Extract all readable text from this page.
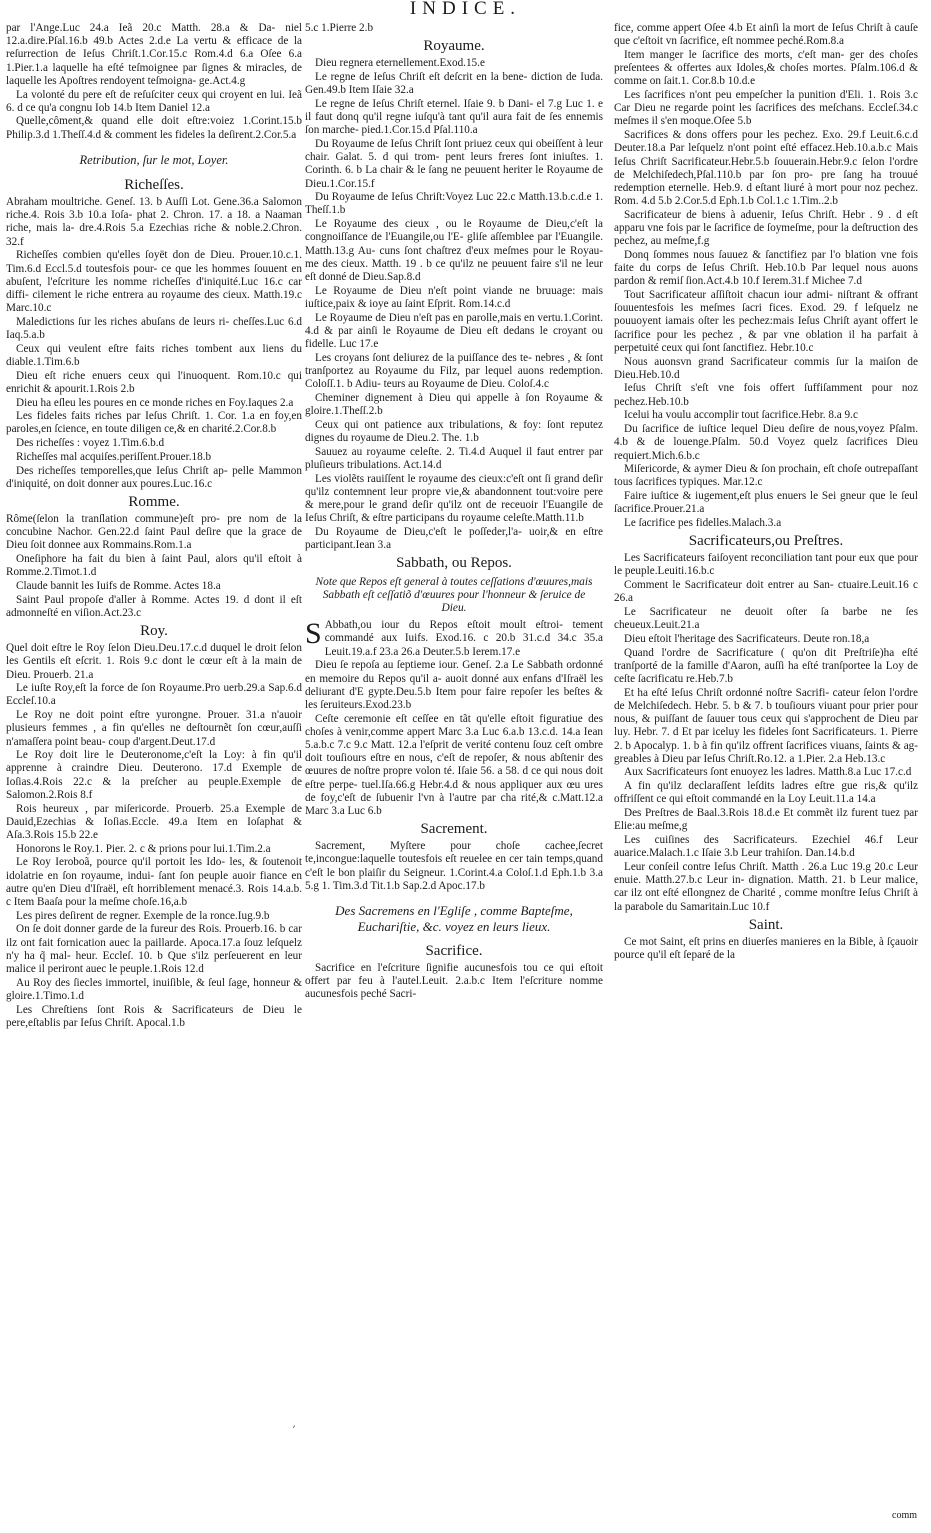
INDICE.

par l'Ange.Luc 24.a Ieã 20.c Matth. 28.a & Da- niel 12.a.dire.Pſal.16.b 49.b Actes 2.d.e La vertu & efficace de la reſurrection de Ieſus Chriſt.1.Cor.15.c Rom.4.d 6.a Oſee 6.a 1.Pier.1.a laquelle ha eſté teſmoignee par ſignes & miracles, de laquelle les Apoſtres rendoyent teſmoigna- ge.Act.4.g

La volonté du pere eſt de reſuſciter ceux qui croyent en lui. Ieã 6. d ce qu'a congnu Iob 14.b Item Daniel 12.a

Quelle,côment,& quand elle doit eſtre:voiez 1.Corint.15.b Philip.3.d 1.Theſſ.4.d & comment les fideles la deſirent.2.Cor.5.a

Retribution, ſur le mot, Loyer.
Richeſſes.

Abraham moultriche. Geneſ. 13. b Auſſi Lot. Gene.36.a Salomon riche.4. Rois 3.b 10.a Ioſa- phat 2. Chron. 17. a 18. a Naaman riche, mais la- dre.4.Rois 5.a Ezechias riche & noble.2.Chron. 32.f

Richeſſes combien qu'elles ſoyët don de Dieu. Prouer.10.c.1. Tim.6.d Eccl.5.d toutesfois pour- ce que les hommes ſouuent en abuſent, l'eſcriture les nomme richeſſes d'iniquité.Luc 16.c car diffi- cilement le riche entrera au royaume des cieux. Matth.19.c Marc.10.c

Maledictions ſur les riches abuſans de leurs ri- cheſſes.Luc 6.d Iaq.5.a.b

Ceux qui veulent eſtre faits riches tombent aux liens du diable.1.Tim.6.b

Dieu eſt riche enuers ceux qui l'inuoquent. Rom.10.c qui enrichit & apourit.1.Rois 2.b

Dieu ha eſleu les poures en ce monde riches en Foy.Iaques 2.a

Les fideles faits riches par Ieſus Chriſt. 1. Cor. 1.a en foy,en paroles,en ſcience, en toute diligen ce,& en charité.2.Cor.8.b

Des richeſſes : voyez 1.Tim.6.b.d

Richeſſes mal acquiſes.periſſent.Prouer.18.b

Des richeſſes temporelles,que Ieſus Chriſt ap- pelle Mammon d'iniquité, on doit donner aux poures.Luc.16.c

Romme.

Rôme(ſelon la tranſlation commune)eſt pro- pre nom de la concubine Nachor. Gen.22.d ſaint Paul deſire que la grace de Dieu ſoit donnee aux Rommains.Rom.1.a

Oneſiphore ha fait du bien à ſaint Paul, alors qu'il eſtoit à Romme.2.Timot.1.d

Claude bannit les Iuifs de Romme. Actes 18.a

Saint Paul propoſe d'aller à Romme. Actes 19. d dont il eſt admonneſté en viſion.Act.23.c

Roy.

Quel doit eſtre le Roy ſelon Dieu.Deu.17.c.d duquel le droit ſelon les Gentils eſt eſcrit. 1. Rois 9.c dont le cœur eſt à la main de Dieu. Prouerb. 21.a

Le iuſte Roy,eſt la force de ſon Royaume.Pro uerb.29.a Sap.6.d Eccleſ.10.a

Le Roy ne doit point eſtre yurongne. Prouer. 31.a n'auoir plusieurs femmes , a fin qu'elles ne deſtournẽt ſon cœur,auſſi n'amaſſera point beau- coup d'argent.Deut.17.d

Le Roy doit lire le Deuteronome,c'eſt la Loy: à fin qu'il apprenne à craindre Dieu. Deuterono. 17.d Exemple de Ioſias.4.Rois 22.c & la preſcher au peuple.Exemple de Salomon.2.Rois 8.f

Rois heureux , par miſericorde. Prouerb. 25.a Exemple de Dauid,Ezechias & Ioſias.Eccle. 49.a Item en Ioſaphat & Aſa.3.Rois 15.b 22.e

Honorons le Roy.1. Pier. 2. c & prions pour lui.1.Tim.2.a

Le Roy Ieroboã, pource qu'il portoit les Ido- les, & ſoutenoit idolatrie en ſon royaume, indui- ſant ſon peuple auoir fiance en autre qu'en Dieu d'Iſraël, eſt horriblement menacé.3. Rois 14.a.b. c Item Baaſa pour la meſme choſe.16,a.b

Les pires deſirent de regner. Exemple de la ronce.Iug.9.b

On ſe doit donner garde de la fureur des Rois. Prouerb.16. b car ilz ont fait fornication auec la paillarde. Apoca.17.a ſouz leſquelz n'y ha q̃ mal- heur. Eccleſ. 10. b Que s'ilz perſeuerent en leur malice il periront auec le peuple.1.Rois 12.d

Au Roy des ſiecles immortel, inuiſible, & ſeul ſage, honneur & gloire.1.Timo.1.d

Les Chreſtiens ſont Rois & Sacrificateurs de Dieu le pere,eſtablis par Ieſus Chriſt. Apocal.1.b

5.c 1.Pierre 2.b

Royaume.

Dieu regnera eternellement.Exod.15.e

Le regne de Ieſus Chriſt eſt deſcrit en la bene- diction de Iuda. Gen.49.b Item Iſaie 32.a

Le regne de Ieſus Chriſt eternel. Iſaie 9. b Dani- el 7.g Luc 1. e il faut donq qu'il regne iuſqu'à tant qu'il aura fait de ſes ennemis ſon marche- pied.1.Cor.15.d Pſal.110.a

Du Royaume de Ieſus Chriſt ſont priuez ceux qui obeiſſent à leur chair. Galat. 5. d qui trom- pent leurs freres ſont iniuſtes. 1. Corinth. 6. b La chair & le ſang ne peuuent heriter le Royaume de Dieu.1.Cor.15.f

Du Royaume de Ieſus Chriſt:Voyez Luc 22.c Matth.13.b.c.d.e 1. Theſſ.1.b

Le Royaume des cieux , ou le Royaume de Dieu,c'eſt la congnoiſſance de l'Euangile,ou l'E- gliſe aſſemblee par l'Euangile. Matth.13.g Au- cuns ſont chaſtrez d'eux meſmes pour le Royau- me des cieux. Matth. 19 . b ce qu'ilz ne peuuent faire s'il ne leur eſt donné de Dieu.Sap.8.d

Le Royaume de Dieu n'eſt point viande ne bruuage: mais iuſtice,paix & ioye au ſaint Eſprit. Rom.14.c.d

Le Royaume de Dieu n'eſt pas en parolle,mais en vertu.1.Corint. 4.d & par ainſi le Royaume de Dieu eſt dedans le croyant ou fidelle. Luc 17.e

Les croyans ſont deliurez de la puiſſance des te- nebres , & ſont tranſportez au Royaume du Filz, par lequel auons redemption. Coloſſ.1. b Adiu- teurs au Royaume de Dieu. Coloſ.4.c

Cheminer dignement à Dieu qui appelle à ſon Royaume & gloire.1.Theſſ.2.b

Ceux qui ont patience aux tribulations, & foy: ſont reputez dignes du royaume de Dieu.2. The. 1.b

Sauuez au royaume celeſte. 2. Ti.4.d Auquel il faut entrer par pluſieurs tribulations. Act.14.d

Les violẽts rauiſſent le royaume des cieux:c'eſt ont ſi grand deſir qu'ilz contemnent leur propre vie,& abandonnent tout:voire pere & mere,pour le grand deſir qu'ilz ont de receuoir l'Euangile de Ieſus Chriſt, & eſtre participans du royaume celeſte.Matth.11.b

Du Royaume de Dieu,c'eſt le poſſeder,l'a- uoir,& en eſtre participant.Iean 3.a

Sabbath, ou Repos.
Note que Repos eſt general à toutes ceſſations d'œuures,mais Sabbath eſt ceſſatiõ d'œuures pour l'honneur & ſeruice de Dieu.

S Abbath,ou iour du Repos eſtoit moult eſtroi- tement commandé aux Iuifs. Exod.16. c 20.b 31.c.d 34.c 35.a Leuit.19.a.f 23.a 26.a Deuter.5.b Ierem.17.e

Dieu ſe repoſa au ſeptieme iour. Geneſ. 2.a Le Sabbath ordonné en memoire du Repos qu'il a- auoit donné aux enfans d'Iſraël les deliurant d'E gypte.Deu.5.b Item pour faire repoſer les beſtes & les ſeruiteurs.Exod.23.b

Ceſte ceremonie eſt ceſſee en tãt qu'elle eſtoit figuratiue des choſes à venir,comme appert Marc 3.a Luc 6.a.b 13.c.d. 14.a Iean 5.a.b.c 7.c 9.c Matt. 12.a l'eſprit de verité contenu ſouz ceſt ombre doit touſiours eſtre en nous, c'eſt de repoſer, & nous abſtenir des œuures de noſtre propre volon té. Iſaie 56. a 58. d ce qui nous doit eſtre perpe- tuel.Iſa.66.g Hebr.4.d & nous appliquer aux œu ures de foy,c'eſt de ſubuenir l'vn à l'autre par cha rité,& c.Matt.12.a Marc 3.a Luc 6.b

Sacrement.

Sacrement, Myſtere pour choſe cachee,ſecret te,incongue:laquelle toutesfois eſt reuelee en cer tain temps,quand c'eſt le bon plaiſir du Seigneur. 1.Corint.4.a Coloſ.1.d Eph.1.b 3.a 5.g 1. Tim.3.d Tit.1.b Sap.2.d Apoc.17.b

Des Sacremens en l'Egliſe , comme Bapteſme, Euchariſtie, &c. voyez en leurs lieux.
Sacrifice.

Sacrifice en l'eſcriture ſignifie aucunesfois tou ce qui eſtoit offert par feu à l'autel.Leuit. 2.a.b.c Item l'eſcriture nomme aucunesfois peché Sacri-

fice, comme appert Oſee 4.b Et ainſi la mort de Ieſus Chriſt à cauſe que c'eſtoit vn ſacrifice, eſt nommee peché.Rom.8.a

Item manger le ſacrifice des morts, c'eſt man- ger des choſes preſentees & offertes aux Idoles,& choſes mortes. Pſalm.106.d & comme on ſait.1. Cor.8.b 10.d.e

Les ſacrifices n'ont peu empeſcher la punition d'Eli. 1. Rois 3.c Car Dieu ne regarde point les ſacrifices des meſchans. Eccleſ.34.c meſmes il s'en moque.Oſee 5.b

Sacrifices & dons offers pour les pechez. Exo. 29.f Leuit.6.c.d Deuter.18.a Par leſquelz n'ont point eſté effacez.Heb.10.a.b.c Mais Ieſus Chriſt Sacrificateur.Hebr.5.b ſouuerain.Hebr.9.c ſelon l'ordre de Melchiſedech,Pſal.110.b par ſon pro- pre ſang ha trouué redemption eternelle. Heb.9. d eſtant liuré à mort pour noz pechez. Rom. 4.d 5.b 2.Cor.5.d Eph.1.b Col.1.c 1.Tim..2.b

Sacrificateur de biens à aduenir, Ieſus Chriſt. Hebr . 9 . d eſt apparu vne fois par le ſacrifice de ſoymeſme, pour la deſtruction des pechez, au meſme,f.g

Donq ſommes nous ſauuez & ſanctifiez par l'o blation vne fois faite du corps de Ieſus Chriſt. Heb.10.b Par lequel nous auons pardon & remiſ ſion.Act.4.b 10.f Ierem.31.f Michee 7.d

Tout Sacrificateur aſſiſtoit chacun iour admi- niſtrant & offrant ſouuentesfois les meſmes ſacri fices. Exod. 29. f leſquelz ne pouuoyent iamais oſter les pechez:mais Ieſus Chriſt ayant offert le ſacrifice pour les pechez , & par vne oblation il ha parfait à perpetuité ceux qui ſont ſanctifiez. Hebr.10.c

Nous auonsvn grand Sacrificateur commis ſur la maiſon de Dieu.Heb.10.d

Ieſus Chriſt s'eſt vne fois offert ſuffiſamment pour noz pechez.Heb.10.b

Icelui ha voulu accomplir tout ſacrifice.Hebr. 8.a 9.c

Du ſacrifice de iuſtice lequel Dieu deſire de nous,voyez Pſalm. 4.b & de louenge.Pſalm. 50.d Voyez quelz ſacrifices Dieu requiert.Mich.6.b.c

Miſericorde, & aymer Dieu & ſon prochain, eſt choſe outrepaſſant tous ſacrifices typiques. Mar.12.c

Faire iuſtice & iugement,eſt plus enuers le Sei gneur que le ſeul ſacrifice.Prouer.21.a

Le ſacrifice pes fidelles.Malach.3.a

Sacrificateurs,ou Preſtres.

Les Sacrificateurs faiſoyent reconciliation tant pour eux que pour le peuple.Leuiti.16.b.c

Comment le Sacrificateur doit entrer au San- ctuaire.Leuit.16 c 26.a

Le Sacrificateur ne deuoit oſter ſa barbe ne ſes cheueux.Leuit.21.a

Dieu eſtoit l'heritage des Sacrificateurs. Deute ron.18,a

Quand l'ordre de Sacrificature ( qu'on dit Preſtriſe)ha eſté tranſporté de la famille d'Aaron, auſſi ha eſté tranſportee la Loy de ceſte ſacrificatu re.Heb.7.b

Et ha eſté Ieſus Chriſt ordonné noſtre Sacrifi- cateur ſelon l'ordre de Melchiſedech. Hebr. 5. b & 7. b touſiours viuant pour prier pour nous, & puiſſant de ſauuer tous ceux qui s'approchent de Dieu par luy. Hebr. 7. d Et par iceluy les fideles ſont Sacrificateurs. 1. Pierre 2. b Apocalyp. 1. b à fin qu'ilz offrent ſacrifices viuans, ſaints & ag- greables à Dieu par Ieſus Chriſt.Ro.12. a 1.Pier. 2.a Heb.13.c

Aux Sacrificateurs ſont enuoyez les ladres. Matth.8.a Luc 17.c.d

A fin qu'ilz declaraſſent leſdits ladres eſtre gue ris,& qu'ilz offriſſent ce qui eſtoit commandé en la Loy Leuit.11.a 14.a

Des Preſtres de Baal.3.Rois 18.d.e Et commẽt ilz furent tuez par Elie:au meſme,g

Les cuiſines des Sacrificateurs. Ezechiel 46.f Leur auarice.Malach.1.c Iſaie 3.b Leur trahiſon. Dan.14.b.d

Leur conſeil contre Ieſus Chriſt. Matth . 26.a Luc 19.g 20.c Leur enuie. Matth.27.b.c Leur in- dignation. Matth. 21. b Leur malice, car ilz ont eſté eſlongnez de Charité , comme monſtre Ieſus Chriſt à la parabole du Samaritain.Luc 10.f

Saint.

Ce mot Saint, eſt prins en diuerſes manieres en la Bible, à ſçauoir pource qu'il eſt ſeparé de la

comm
ʼ
